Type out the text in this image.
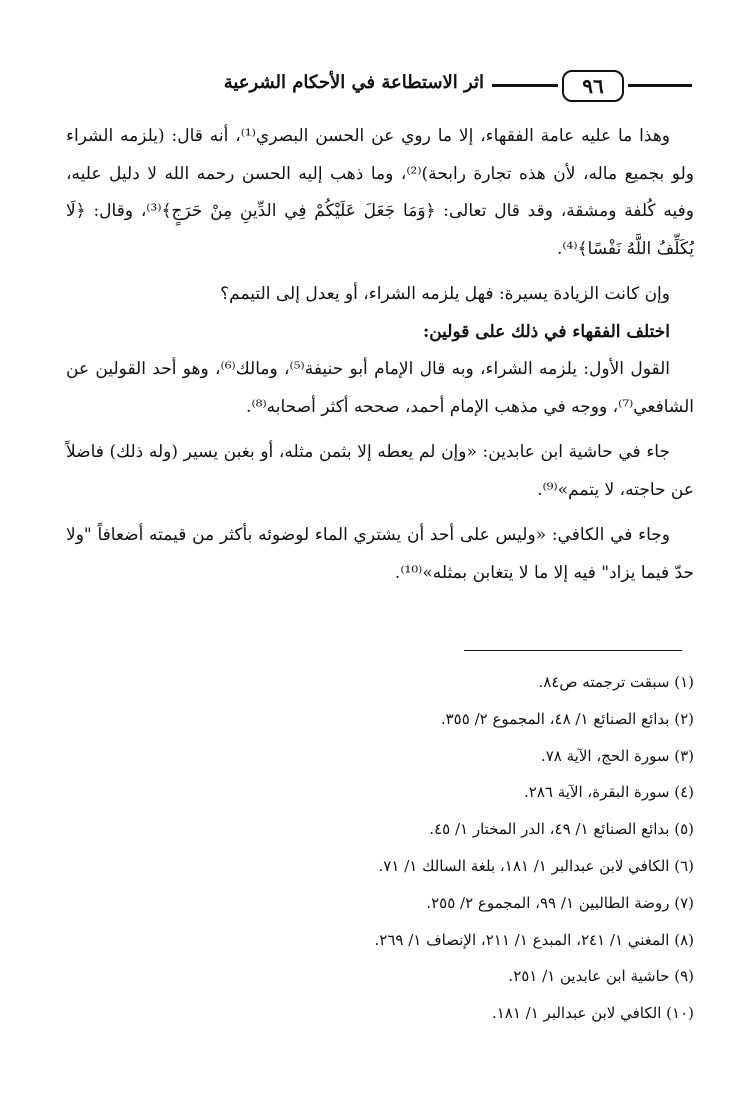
٩٦
اثر الاستطاعة في الأحكام الشرعية

وهذا ما عليه عامة الفقهاء، إلا ما روي عن الحسن البصري⁽¹⁾، أنه قال: (يلزمه الشراء ولو بجميع ماله، لأن هذه تجارة رابحة)⁽²⁾، وما ذهب إليه الحسن رحمه الله لا دليل عليه، وفيه كُلفة ومشقة، وقد قال تعالى: ﴿وَمَا جَعَلَ عَلَيْكُمْ فِي الدِّينِ مِنْ حَرَجٍ﴾⁽³⁾، وقال: ﴿لَا يُكَلِّفُ اللَّهُ نَفْسًا﴾⁽⁴⁾.

وإن كانت الزيادة يسيرة: فهل يلزمه الشراء، أو يعدل إلى التيمم؟

اختلف الفقهاء في ذلك على قولين:

القول الأول: يلزمه الشراء، وبه قال الإمام أبو حنيفة⁽⁵⁾، ومالك⁽⁶⁾، وهو أحد القولين عن الشافعي⁽⁷⁾، ووجه في مذهب الإمام أحمد، صححه أكثر أصحابه⁽⁸⁾.

جاء في حاشية ابن عابدين: «وإن لم يعطه إلا بثمن مثله، أو بغبن يسير (وله ذلك) فاضلاً عن حاجته، لا يتمم»⁽⁹⁾.

وجاء في الكافي: «وليس على أحد أن يشتري الماء لوضوئه بأكثر من قيمته أضعافاً "ولا حدّ فيما يزاد" فيه إلا ما لا يتغابن بمثله»⁽¹⁰⁾.

(١) سبقت ترجمته ص٨٤.
(٢) بدائع الصنائع ١/ ٤٨، المجموع ٢/ ٣٥٥.
(٣) سورة الحج، الآية ٧٨.
(٤) سورة البقرة، الآية ٢٨٦.
(٥) بدائع الصنائع ١/ ٤٩، الدر المختار ١/ ٤٥.
(٦) الكافي لابن عبدالبر ١/ ١٨١، بلغة السالك ١/ ٧١.
(٧) روضة الطالبين ١/ ٩٩، المجموع ٢/ ٢٥٥.
(٨) المغني ١/ ٢٤١، المبدع ١/ ٢١١، الإنصاف ١/ ٢٦٩.
(٩) حاشية ابن عابدين ١/ ٢٥١.
(١٠) الكافي لابن عبدالبر ١/ ١٨١.
